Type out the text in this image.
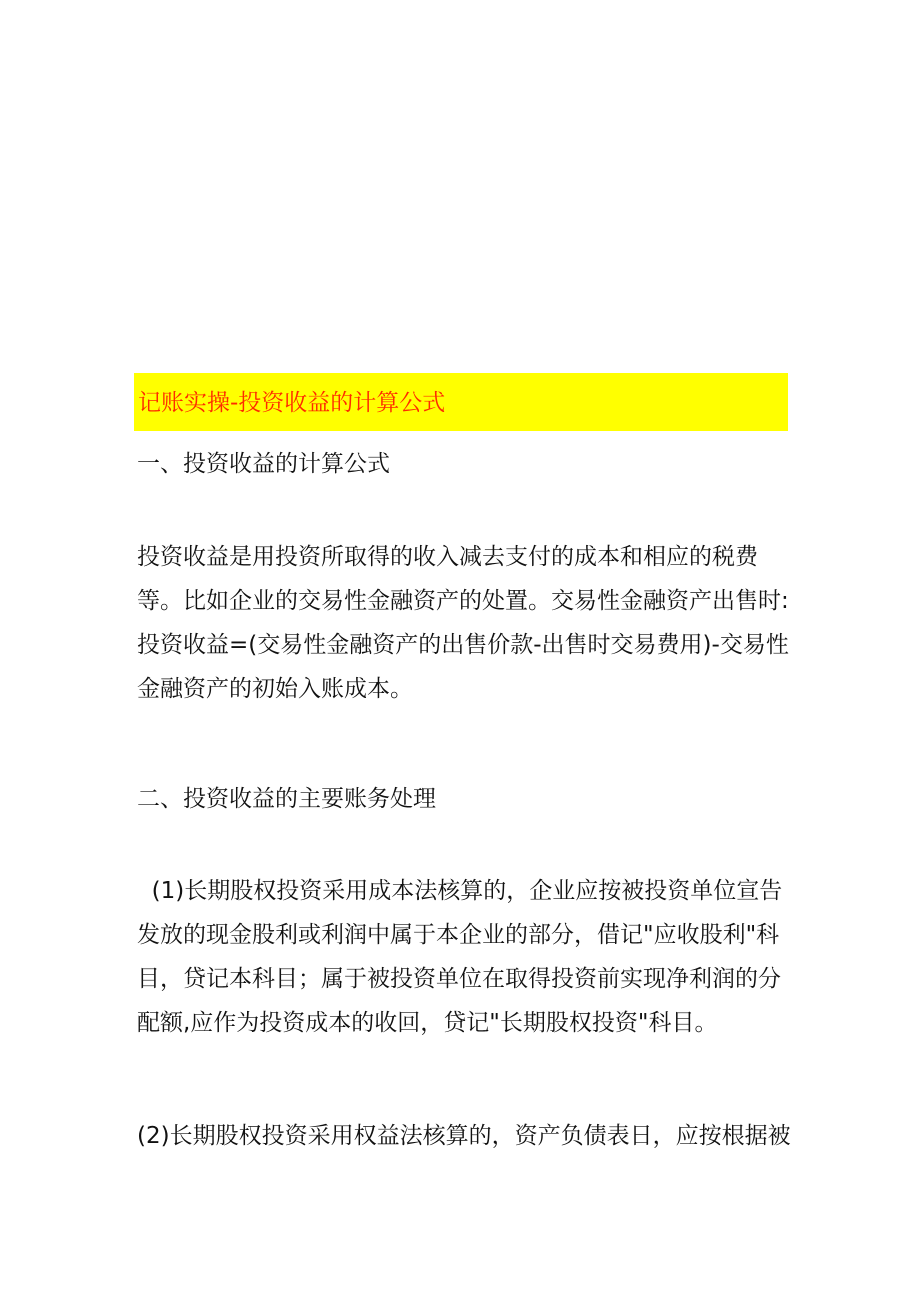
记账实操-投资收益的计算公式
一、投资收益的计算公式
投资收益是用投资所取得的收入减去支付的成本和相应的税费
等。比如企业的交易性金融资产的处置。交易性金融资产出售时:
投资收益=(交易性金融资产的出售价款-出售时交易费用)-交易性
金融资产的初始入账成本。
二、投资收益的主要账务处理
(1)长期股权投资采用成本法核算的，企业应按被投资单位宣告
发放的现金股利或利润中属于本企业的部分，借记"应收股利"科
目，贷记本科目；属于被投资单位在取得投资前实现净利润的分
配额,应作为投资成本的收回，贷记"长期股权投资"科目。
(2)长期股权投资采用权益法核算的，资产负债表日，应按根据被
